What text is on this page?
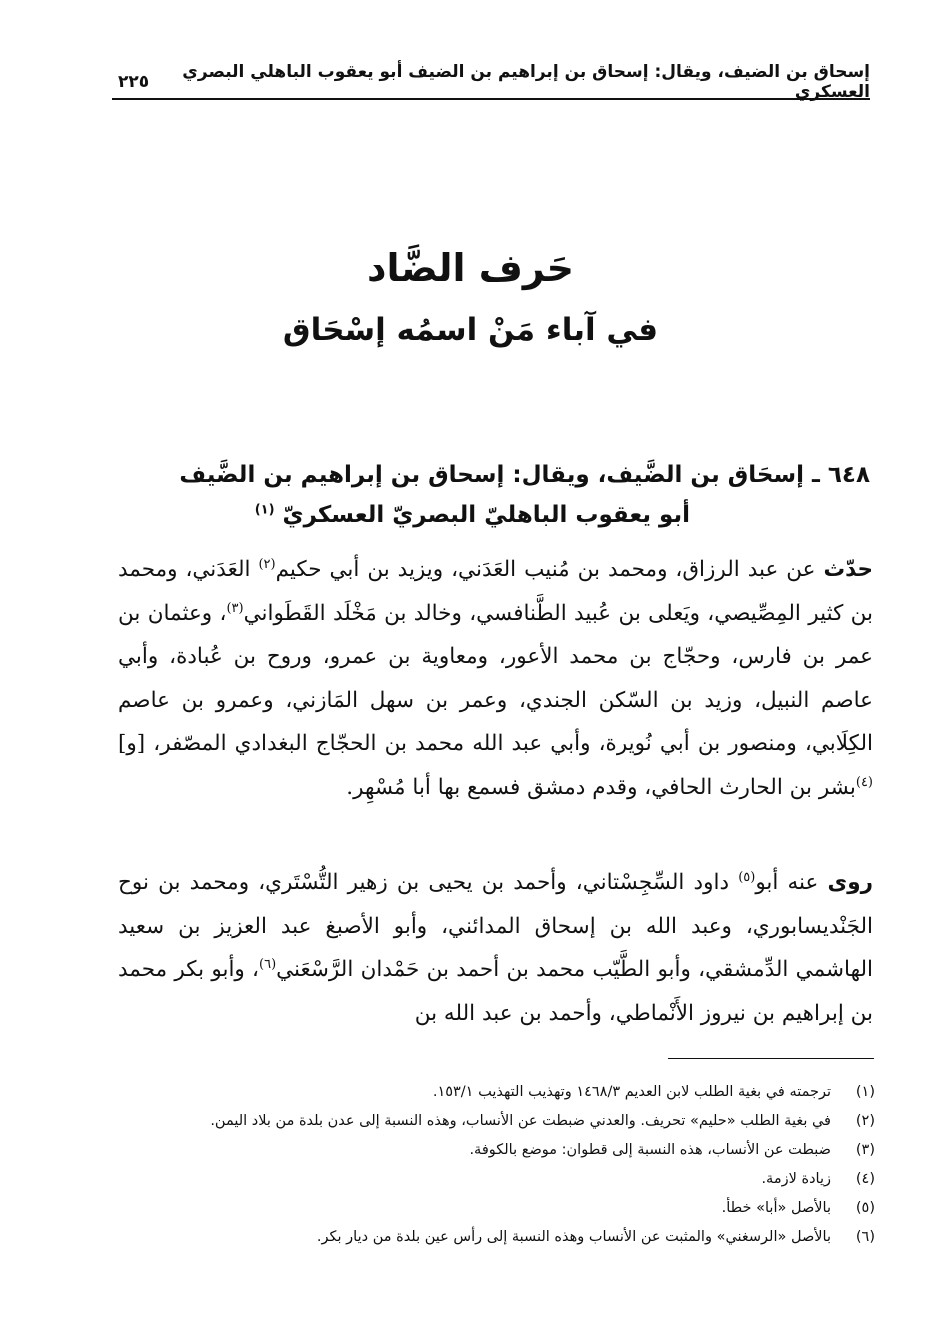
إسحاق بن الضيف، ويقال: إسحاق بن إبراهيم بن الضيف أبو يعقوب الباهلي البصري العسكري
٢٢٥
حَرف الضَّاد
في آباء مَنْ اسمُه إسْحَاق
٦٤٨ ـ إسحَاق بن الضَّيف، ويقال: إسحاق بن إبراهيم بن الضَّيف
أبو يعقوب الباهليّ البصريّ العسكريّ $^{(١)}$
حدّث عن عبد الرزاق، ومحمد بن مُنيب العَدَني، ويزيد بن أبي حكيم$^{(٢)}$ العَدَني، ومحمد بن كثير المِصِّيصي، ويَعلى بن عُبيد الطَّنافسي، وخالد بن مَخْلَد القَطَواني$^{(٣)}$، وعثمان بن عمر بن فارس، وحجّاج بن محمد الأعور، ومعاوية بن عمرو، وروح بن عُبادة، وأبي عاصم النبيل، وزيد بن السّكن الجندي، وعمر بن سهل المَازني، وعمرو بن عاصم الكِلَابي، ومنصور بن أبي نُويرة، وأبي عبد الله محمد بن الحجّاج البغدادي المصّفر، [و]$^{(٤)}$بشر بن الحارث الحافي، وقدم دمشق فسمع بها أبا مُسْهِر.
روى عنه أبو$^{(٥)}$ داود السِّجِسْتاني، وأحمد بن يحيى بن زهير التُّسْتَري، ومحمد بن نوح الجَنْديسابوري، وعبد الله بن إسحاق المدائني، وأبو الأصبغ عبد العزيز بن سعيد الهاشمي الدِّمشقي، وأبو الطَّيّب محمد بن أحمد بن حَمْدان الرَّسْعَني$^{(٦)}$، وأبو بكر محمد بن إبراهيم بن نيروز الأَنْماطي، وأحمد بن عبد الله بن
(١)
ترجمته في بغية الطلب لابن العديم ١٤٦٨/٣ وتهذيب التهذيب ١٥٣/١.
(٢)
في بغية الطلب «حليم» تحريف. والعدني ضبطت عن الأنساب، وهذه النسبة إلى عدن بلدة من بلاد اليمن.
(٣)
ضبطت عن الأنساب، هذه النسبة إلى قطوان: موضع بالكوفة.
(٤)
زيادة لازمة.
(٥)
بالأصل «أبا» خطأ.
(٦)
بالأصل «الرسغني» والمثبت عن الأنساب وهذه النسبة إلى رأس عين بلدة من ديار بكر.
